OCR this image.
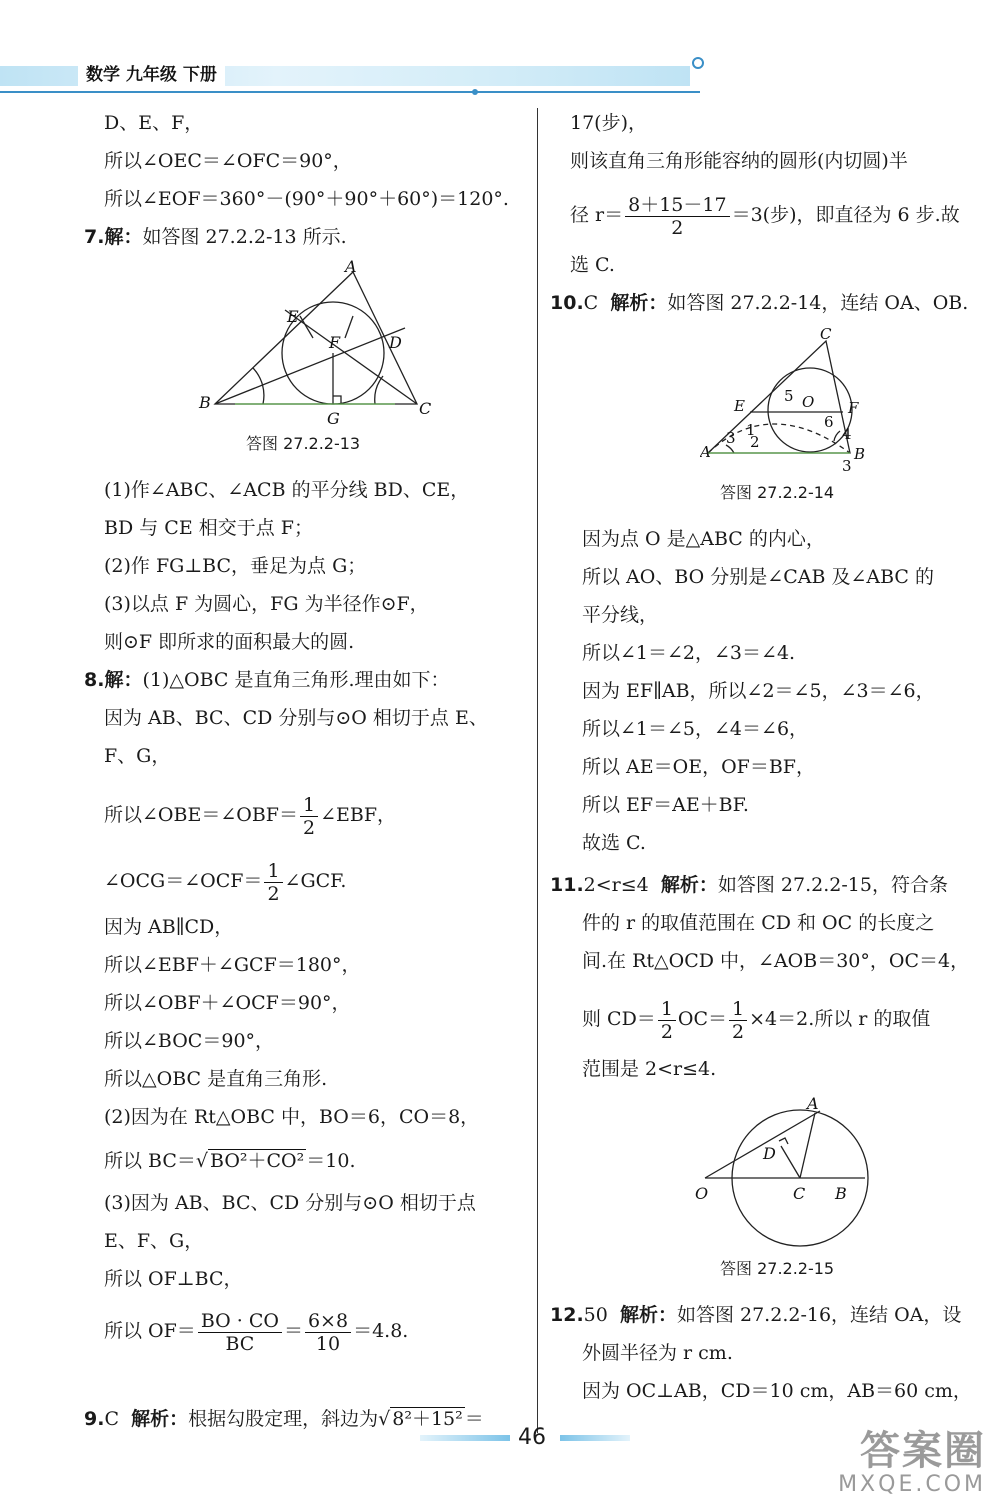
数学 九年级 下册
D、E、F，
所以∠OEC＝∠OFC＝90°，
所以∠EOF＝360°－(90°＋90°＋60°)＝120°.
7.解：如答图 27.2.2-13 所示.
A
B	C
D
E
F
G
答图 27.2.2-13
(1)作∠ABC、∠ACB 的平分线 BD、CE，
BD 与 CE 相交于点 F；
(2)作 FG⊥BC，垂足为点 G；
(3)以点 F 为圆心，FG 为半径作⊙F，
则⊙F 即所求的面积最大的圆.
8.解：(1)△OBC 是直角三角形.理由如下：
因为 AB、BC、CD 分别与⊙O 相切于点 E、
F、G，
所以∠OBE＝∠OBF＝ $\frac{1}{2}$ ∠EBF，
∠OCG＝∠OCF＝ $\frac{1}{2}$ ∠GCF.
因为 AB∥CD，
所以∠EBF＋∠GCF＝180°，
所以∠OBF＋∠OCF＝90°，
所以∠BOC＝90°，
所以△OBC 是直角三角形.
(2)因为在 Rt△OBC 中，BO＝6，CO＝8，
所以 BC＝√ BO²＋CO² ＝10.
(3)因为 AB、BC、CD 分别与⊙O 相切于点
E、F、G，
所以 OF⊥BC，
所以 $OF= \frac{BO \cdot CO}{BC} = \frac{6\times 8}{10} =4.8$.
9.C 解析：根据勾股定理，斜边为√ 8²＋15² ＝
17(步)，
则该直角三角形能容纳的圆形(内切圆)半
径 $r= \frac{8+15-17}{2} =3$(步)，即直径为 6 步.故
选 C.
10.C 解析：如答图 27.2.2-14，连结 OA、OB.
C
E	F
O
A	B
1
2
3
3
4
5
6
答图 27.2.2-14
因为点 O 是△ABC 的内心，
所以 AO、BO 分别是∠CAB 及∠ABC 的
平分线，
所以∠1＝∠2，∠3＝∠4.
因为 EF∥AB，所以∠2＝∠5，∠3＝∠6，
所以∠1＝∠5，∠4＝∠6，
所以 AE＝OE，OF＝BF，
所以 EF＝AE＋BF.
故选 C.
11.2<r≤4 解析：如答图 27.2.2-15，符合条
件的 r 的取值范围在 CD 和 OC 的长度之
间.在 Rt△OCD 中，∠AOB＝30°，OC＝4，
则 $CD= \frac{1}{2} OC= \frac{1}{2} \times 4=2$.所以 r 的取值
范围是 2<r≤4.
A
D
O	C B
答图 27.2.2-15
12.50 解析：如答图 27.2.2-16，连结 OA，设
外圆半径为 r cm.
因为 OC⊥AB，CD＝10 cm，AB＝60 cm，
46	答案圈
MXQE.COM
